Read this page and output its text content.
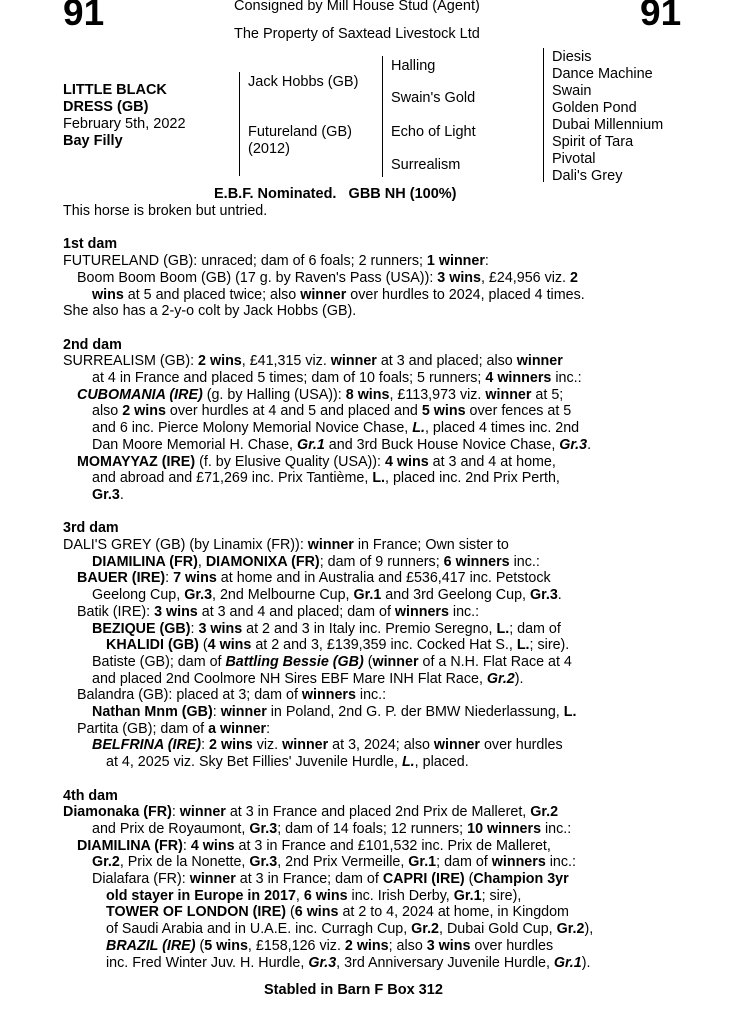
91	91
Consigned by Mill House Stud (Agent)
The Property of Saxtead Livestock Ltd
LITTLE BLACK
DRESS (GB)
February 5th, 2022
Bay Filly
Jack Hobbs (GB)
Futureland (GB)
(2012)
Halling
Swain's Gold
Echo of Light
Surrealism
Diesis
Dance Machine
Swain
Golden Pond
Dubai Millennium
Spirit of Tara
Pivotal
Dali's Grey
E.B.F. Nominated.   GBB NH (100%)

This horse is broken but untried.

1st dam

FUTURELAND (GB): unraced; dam of 6 foals; 2 runners; 1 winner:

Boom Boom Boom (GB) (17 g. by Raven's Pass (USA)): 3 wins, £24,956 viz. 2

wins at 5 and placed twice; also winner over hurdles to 2024, placed 4 times.

She also has a 2-y-o colt by Jack Hobbs (GB).

2nd dam

SURREALISM (GB): 2 wins, £41,315 viz. winner at 3 and placed; also winner

at 4 in France and placed 5 times; dam of 10 foals; 5 runners; 4 winners inc.:

CUBOMANIA (IRE) (g. by Halling (USA)): 8 wins, £113,973 viz. winner at 5;

also 2 wins over hurdles at 4 and 5 and placed and 5 wins over fences at 5

and 6 inc. Pierce Molony Memorial Novice Chase, L., placed 4 times inc. 2nd

Dan Moore Memorial H. Chase, Gr.1 and 3rd Buck House Novice Chase, Gr.3.

MOMAYYAZ (IRE) (f. by Elusive Quality (USA)): 4 wins at 3 and 4 at home,

and abroad and £71,269 inc. Prix Tantième, L., placed inc. 2nd Prix Perth,

Gr.3.

3rd dam

DALI'S GREY (GB) (by Linamix (FR)): winner in France; Own sister to

DIAMILINA (FR), DIAMONIXA (FR); dam of 9 runners; 6 winners inc.:

BAUER (IRE): 7 wins at home and in Australia and £536,417 inc. Petstock

Geelong Cup, Gr.3, 2nd Melbourne Cup, Gr.1 and 3rd Geelong Cup, Gr.3.

Batik (IRE): 3 wins at 3 and 4 and placed; dam of winners inc.:

BEZIQUE (GB): 3 wins at 2 and 3 in Italy inc. Premio Seregno, L.; dam of

KHALIDI (GB) (4 wins at 2 and 3, £139,359 inc. Cocked Hat S., L.; sire).

Batiste (GB); dam of Battling Bessie (GB) (winner of a N.H. Flat Race at 4

and placed 2nd Coolmore NH Sires EBF Mare INH Flat Race, Gr.2).

Balandra (GB): placed at 3; dam of winners inc.:

Nathan Mnm (GB): winner in Poland, 2nd G. P. der BMW Niederlassung, L.

Partita (GB); dam of a winner:

BELFRINA (IRE): 2 wins viz. winner at 3, 2024; also winner over hurdles

at 4, 2025 viz. Sky Bet Fillies' Juvenile Hurdle, L., placed.

4th dam

Diamonaka (FR): winner at 3 in France and placed 2nd Prix de Malleret, Gr.2

and Prix de Royaumont, Gr.3; dam of 14 foals; 12 runners; 10 winners inc.:

DIAMILINA (FR): 4 wins at 3 in France and £101,532 inc. Prix de Malleret,

Gr.2, Prix de la Nonette, Gr.3, 2nd Prix Vermeille, Gr.1; dam of winners inc.:

Dialafara (FR): winner at 3 in France; dam of CAPRI (IRE) (Champion 3yr

old stayer in Europe in 2017, 6 wins inc. Irish Derby, Gr.1; sire),

TOWER OF LONDON (IRE) (6 wins at 2 to 4, 2024 at home, in Kingdom

of Saudi Arabia and in U.A.E. inc. Curragh Cup, Gr.2, Dubai Gold Cup, Gr.2),

BRAZIL (IRE) (5 wins, £158,126 viz. 2 wins; also 3 wins over hurdles

inc. Fred Winter Juv. H. Hurdle, Gr.3, 3rd Anniversary Juvenile Hurdle, Gr.1).

Stabled in Barn F Box 312
